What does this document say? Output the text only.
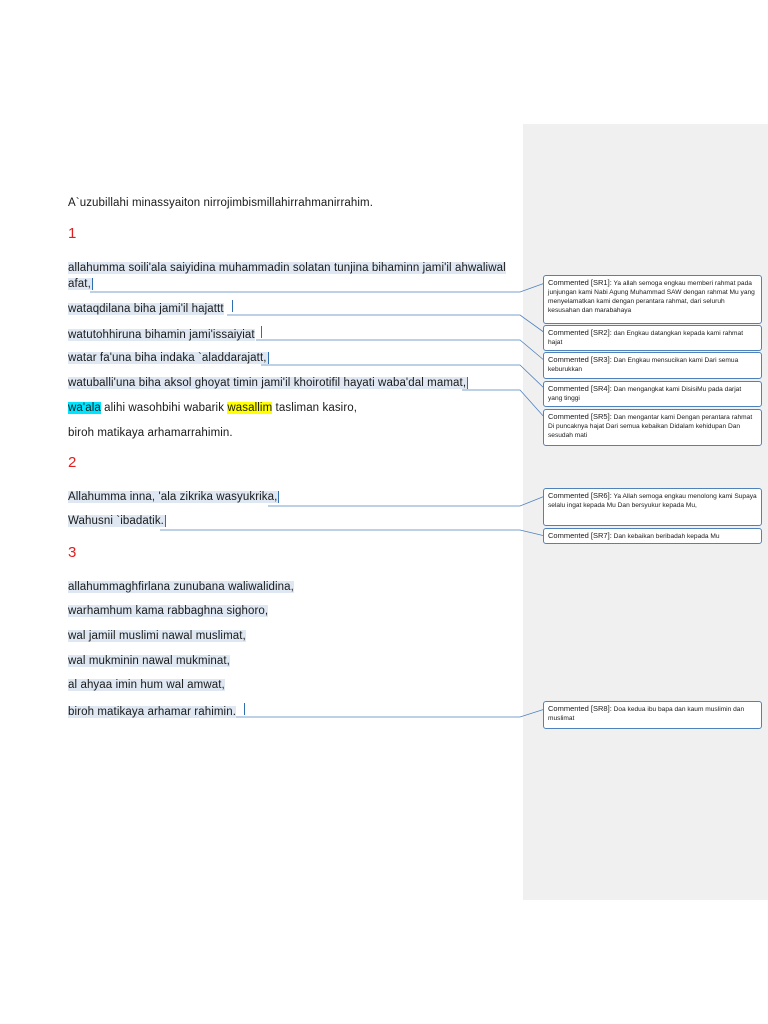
A`uzubillahi minassyaiton nirrojimbismillahirrahmanirrahim.
1
allahumma soili'ala saiyidina muhammadin solatan tunjina bihaminn jami'il ahwaliwal
afat,
wataqdilana biha jami'il hajattt
watutohhiruna bihamin jami'issaiyiat
watar fa'una biha indaka `aladdarajatt,
watuballi'una biha aksol ghoyat timin jami'il khoirotifil hayati waba'dal mamat,
wa'ala alihi wasohbihi wabarik wasallim tasliman kasiro,
biroh matikaya arhamarrahimin.
2
Allahumma inna, 'ala zikrika wasyukrika,
Wahusni `ibadatik.
3
allahummaghfirlana zunubana waliwalidina,
warhamhum kama rabbaghna sighoro,
wal jamiil muslimi nawal muslimat,
wal mukminin nawal mukminat,
al ahyaa imin hum wal amwat,
biroh matikaya arhamar rahimin.
Commented [SR1]: Ya allah semoga engkau memberi rahmat pada junjungan kami Nabi Agung Muhammad SAW dengan rahmat Mu yang menyelamatkan kami dengan perantara rahmat, dari seluruh kesusahan dan marabahaya
Commented [SR2]: dan Engkau datangkan kepada kami rahmat hajat
Commented [SR3]: Dan Engkau mensucikan kami Dari semua keburukkan
Commented [SR4]: Dan mengangkat kami DisisiMu pada darjat yang tinggi
Commented [SR5]: Dan mengantar kami Dengan perantara rahmat Di puncaknya hajat Dari semua kebaikan Didalam kehidupan Dan sesudah mati
Commented [SR6]: Ya Allah semoga engkau menolong kami Supaya selalu ingat kepada Mu Dan bersyukur kepada Mu,
Commented [SR7]: Dan kebaikan beribadah kepada Mu
Commented [SR8]: Doa kedua ibu bapa dan kaum muslimin dan muslimat
